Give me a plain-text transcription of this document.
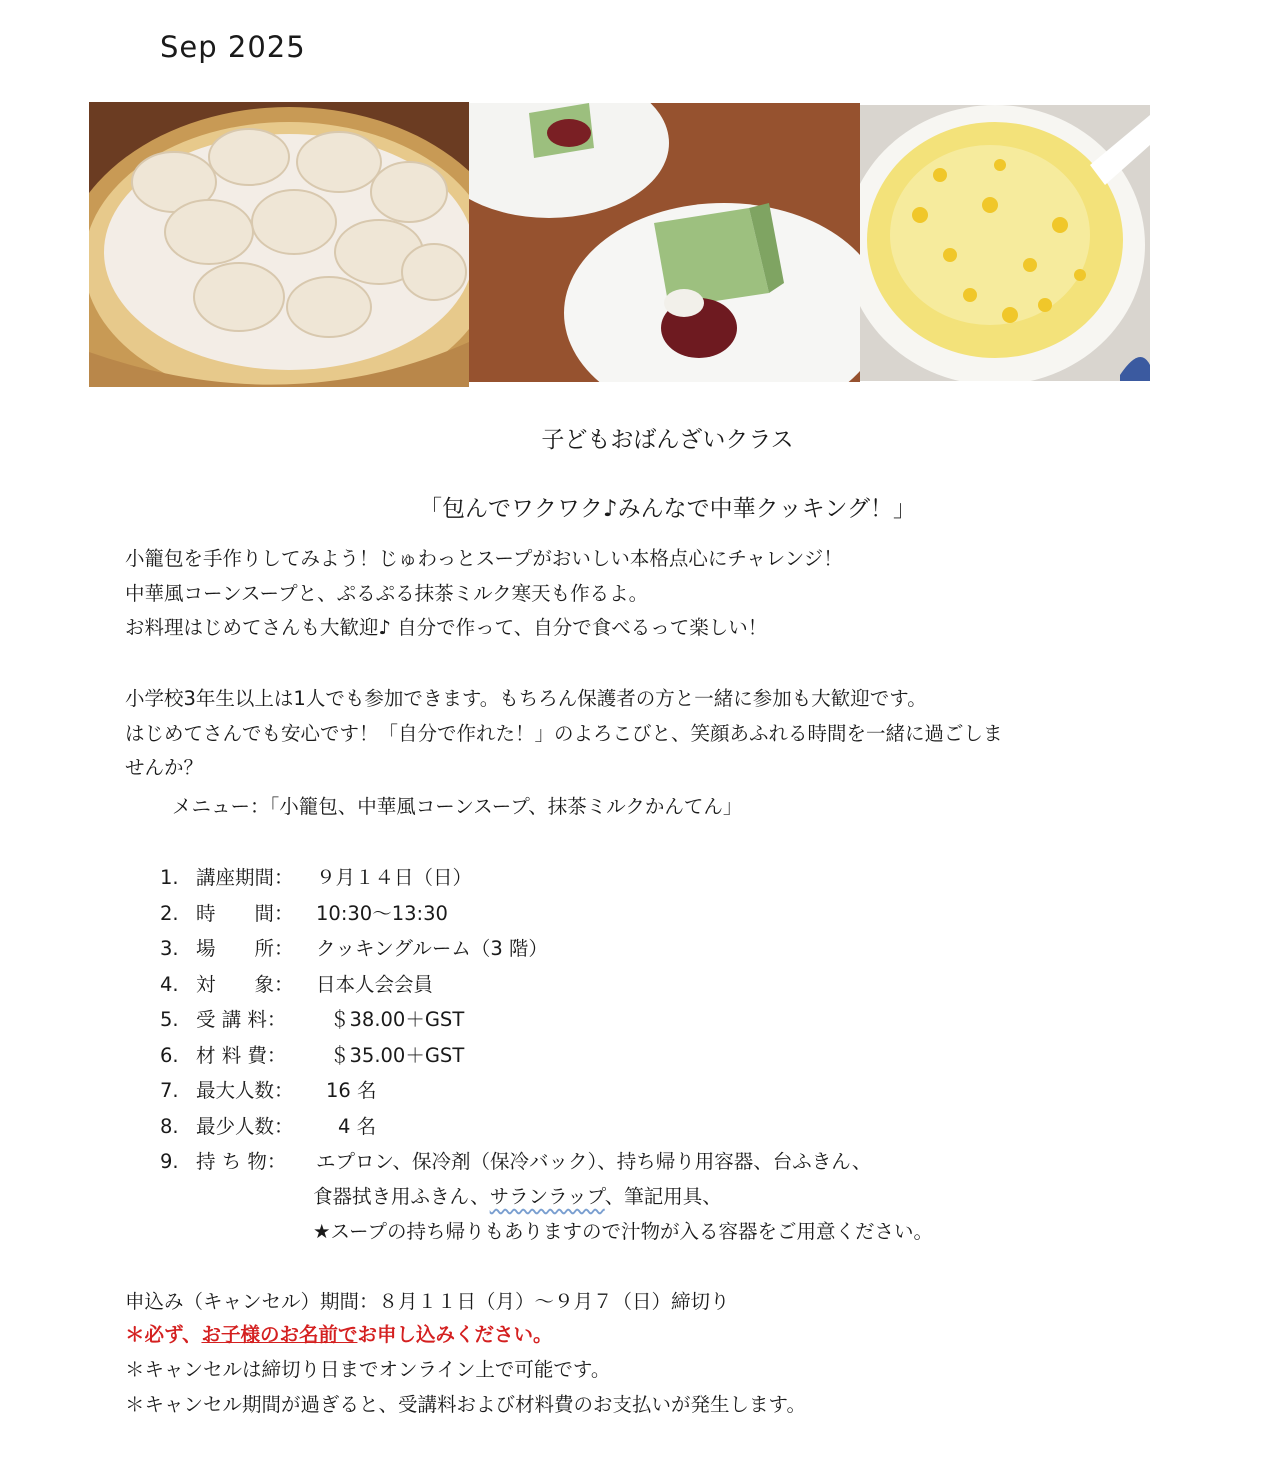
Sep 2025
子どもおばんざいクラス
「包んでワクワク♪みんなで中華クッキング！」
小籠包を手作りしてみよう！じゅわっとスープがおいしい本格点心にチャレンジ！
中華風コーンスープと、ぷるぷる抹茶ミルク寒天も作るよ。
お料理はじめてさんも大歓迎♪ 自分で作って、自分で食べるって楽しい！
小学校3年生以上は1人でも参加できます。もちろん保護者の方と一緒に参加も大歓迎です。
はじめてさんでも安心です！「自分で作れた！」のよろこびと、笑顔あふれる時間を一緒に過ごしま
せんか？
メニュー：「小籠包、中華風コーンスープ、抹茶ミルクかんてん」
1. 講座期間： ９月１４日（日）
2. 時　　間： 10:30～13:30
3. 場　　所： クッキングルーム（3 階）
4. 対　　象： 日本人会会員
5. 受 講 料： ＄38.00＋GST
6. 材 料 費： ＄35.00＋GST
7. 最大人数： 16 名
8. 最少人数： 4 名
9. 持 ち 物： エプロン、保冷剤（保冷バック）、持ち帰り用容器、台ふきん、
食器拭き用ふきん、サランラップ、筆記用具、
★スープの持ち帰りもありますので汁物が入る容器をご用意ください。
申込み（キャンセル）期間：８月１１日（月）～９月７（日）締切り
＊必ず、お子様のお名前でお申し込みください。
＊キャンセルは締切り日までオンライン上で可能です。
＊キャンセル期間が過ぎると、受講料および材料費のお支払いが発生します。
